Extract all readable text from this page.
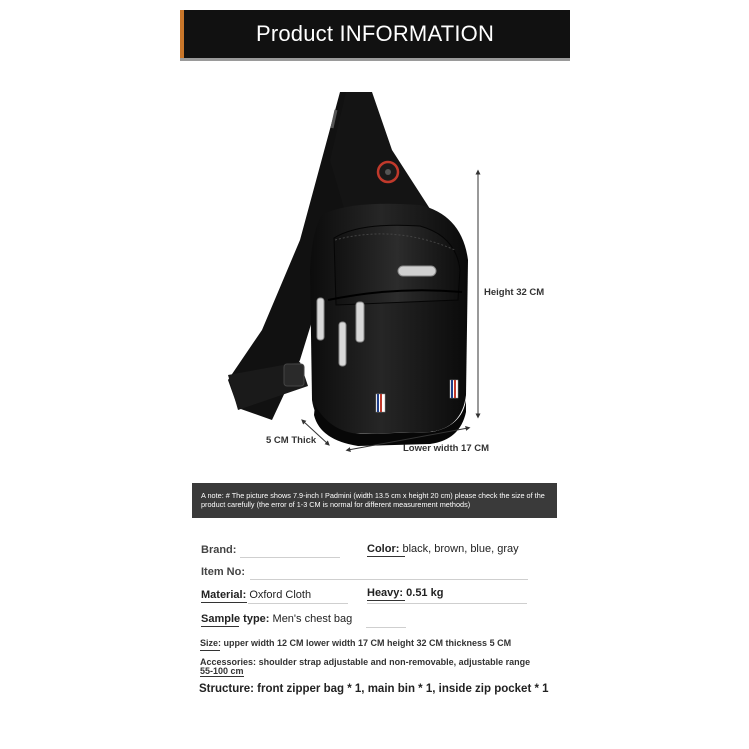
Product INFORMATION
Height 32 CM
5 CM Thick
Lower width 17 CM
A note: # The picture shows 7.9-inch I Padmini (width 13.5 cm x height 20 cm) please check the size of the product carefully (the error of 1-3 CM is normal for different measurement methods)
Brand:	Color: black, brown, blue, gray
Item No:
Material: Oxford Cloth	Heavy: 0.51 kg
Sample type: Men's chest bag
Size: upper width 12 CM lower width 17 CM height 32 CM thickness 5 CM
Accessories: shoulder strap adjustable and non-removable, adjustable range
55-100 cm
Structure: front zipper bag * 1, main bin * 1, inside zip pocket * 1
